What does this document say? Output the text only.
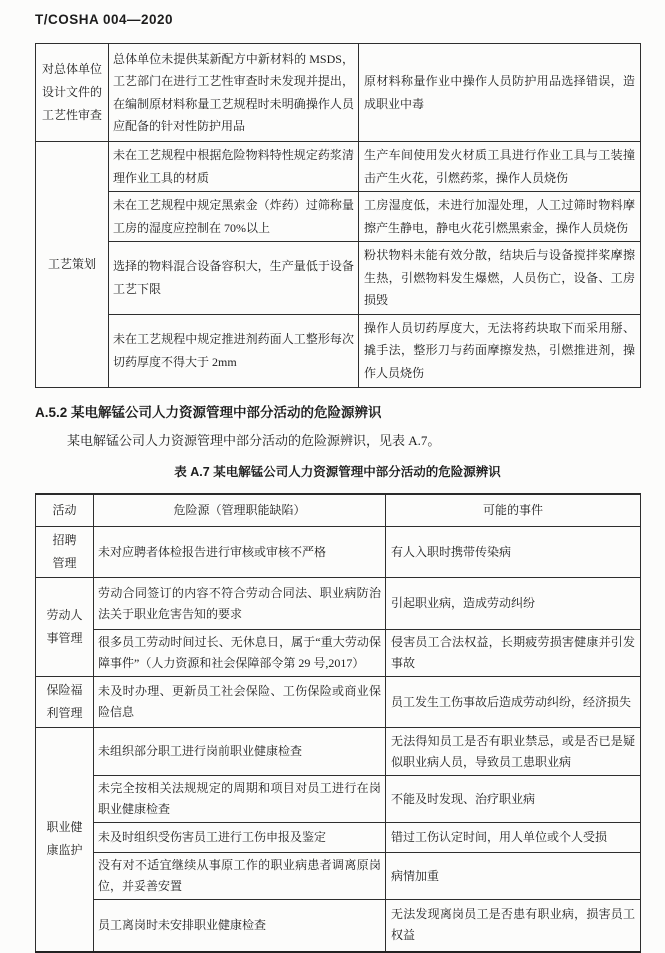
T/COSHA 004—2020
对总体单位设计文件的工艺性审查	总体单位未提供某新配方中新材料的 MSDS，工艺部门在进行工艺性审查时未发现并提出，在编制原材料称量工艺规程时未明确操作人员应配备的针对性防护用品	原材料称量作业中操作人员防护用品选择错误，造成职业中毒
工艺策划	未在工艺规程中根据危险物料特性规定药浆清理作业工具的材质	生产车间使用发火材质工具进行作业工具与工装撞击产生火花，引燃药浆，操作人员烧伤
	未在工艺规程中规定黑索金（炸药）过筛称量工房的湿度应控制在 70%以上	工房湿度低，未进行加湿处理，人工过筛时物料摩擦产生静电，静电火花引燃黑索金，操作人员烧伤
	选择的物料混合设备容积大，生产量低于设备工艺下限	粉状物料未能有效分散，结块后与设备搅拌桨摩擦生热，引燃物料发生爆燃，人员伤亡，设备、工房损毁
	未在工艺规程中规定推进剂药面人工整形每次切药厚度不得大于 2mm	操作人员切药厚度大，无法将药块取下而采用掰、撬手法，整形刀与药面摩擦发热，引燃推进剂，操作人员烧伤
A.5.2 某电解锰公司人力资源管理中部分活动的危险源辨识
某电解锰公司人力资源管理中部分活动的危险源辨识，见表 A.7。
表 A.7 某电解锰公司人力资源管理中部分活动的危险源辨识
活动	危险源（管理职能缺陷）	可能的事件
招聘管理	未对应聘者体检报告进行审核或审核不严格	有人入职时携带传染病
劳动人事管理	劳动合同签订的内容不符合劳动合同法、职业病防治法关于职业危害告知的要求	引起职业病，造成劳动纠纷
	很多员工劳动时间过长、无休息日，属于“重大劳动保障事件”（人力资源和社会保障部令第 29 号,2017）	侵害员工合法权益，长期疲劳损害健康并引发事故
保险福利管理	未及时办理、更新员工社会保险、工伤保险或商业保险信息	员工发生工伤事故后造成劳动纠纷，经济损失
职业健康监护	未组织部分职工进行岗前职业健康检查	无法得知员工是否有职业禁忌，或是否已是疑似职业病人员，导致员工患职业病
	未完全按相关法规规定的周期和项目对员工进行在岗职业健康检查	不能及时发现、治疗职业病
	未及时组织受伤害员工进行工伤申报及鉴定	错过工伤认定时间，用人单位或个人受损
	没有对不适宜继续从事原工作的职业病患者调离原岗位，并妥善安置	病情加重
	员工离岗时未安排职业健康检查	无法发现离岗员工是否患有职业病，损害员工权益
